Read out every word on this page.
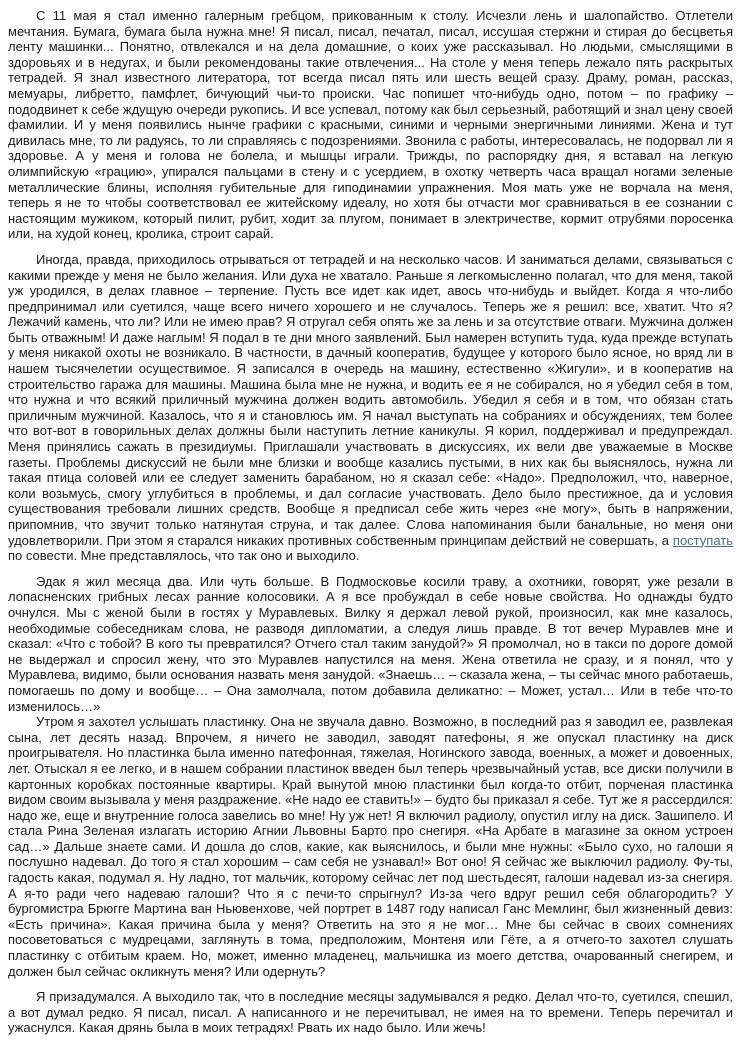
С 11 мая я стал именно галерным гребцом, прикованным к столу. Исчезли лень и шалопайство. Отлетели мечтания. Бумага, бумага была нужна мне! Я писал, писал, печатал, писал, иссушая стержни и стирая до бесцветья ленту машинки... Понятно, отвлекался и на дела домашние, о коих уже рассказывал. Но людьми, смыслящими в здоровьях и в недугах, и были рекомендованы такие отвлечения... На столе у меня теперь лежало пять раскрытых тетрадей. Я знал известного литератора, тот всегда писал пять или шесть вещей сразу. Драму, роман, рассказ, мемуары, либретто, памфлет, бичующий чьи-то происки. Час попишет что-нибудь одно, потом – по графику – пододвинет к себе ждущую очереди рукопись. И все успевал, потому как был серьезный, работящий и знал цену своей фамилии. И у меня появились нынче графики с красными, синими и черными энергичными линиями. Жена и тут дивилась мне, то ли радуясь, то ли справляясь с подозрениями. Звонила с работы, интересовалась, не подорвал ли я здоровье. А у меня и голова не болела, и мышцы играли. Трижды, по распорядку дня, я вставал на легкую олимпийскую «грацию», упирался пальцами в стену и с усердием, в охотку четверть часа вращал ногами зеленые металлические блины, исполняя губительные для гиподинамии упражнения. Моя мать уже не ворчала на меня, теперь я не то чтобы соответствовал ее житейскому идеалу, но хотя бы отчасти мог сравниваться в ее сознании с настоящим мужиком, который пилит, рубит, ходит за плугом, понимает в электричестве, кормит отрубями поросенка или, на худой конец, кролика, строит сарай.

Иногда, правда, приходилось отрываться от тетрадей и на несколько часов. И заниматься делами, связываться с какими прежде у меня не было желания. Или духа не хватало. Раньше я легкомысленно полагал, что для меня, такой уж уродился, в делах главное – терпение. Пусть все идет как идет, авось что-нибудь и выйдет. Когда я что-либо предпринимал или суетился, чаще всего ничего хорошего и не случалось. Теперь же я решил: все, хватит. Что я? Лежачий камень, что ли? Или не имею прав? Я отругал себя опять же за лень и за отсутствие отваги. Мужчина должен быть отважным! И даже наглым! Я подал в те дни много заявлений. Был намерен вступить туда, куда прежде вступать у меня никакой охоты не возникало. В частности, в дачный кооператив, будущее у которого было ясное, но вряд ли в нашем тысячелетии осуществимое. Я записался в очередь на машину, естественно «Жигули», и в кооператив на строительство гаража для машины. Машина была мне не нужна, и водить ее я не собирался, но я убедил себя в том, что нужна и что всякий приличный мужчина должен водить автомобиль. Убедил я себя и в том, что обязан стать приличным мужчиной. Казалось, что я и становлюсь им. Я начал выступать на собраниях и обсуждениях, тем более что вот-вот в говорильных делах должны были наступить летние каникулы. Я корил, поддерживал и предупреждал. Меня принялись сажать в президиумы. Приглашали участвовать в дискуссиях, их вели две уважаемые в Москве газеты. Проблемы дискуссий не были мне близки и вообще казались пустыми, в них как бы выяснялось, нужна ли такая птица соловей или ее следует заменить барабаном, но я сказал себе: «Надо». Предположил, что, наверное, коли возьмусь, смогу углубиться в проблемы, и дал согласие участвовать. Дело было престижное, да и условия существования требовали лишних средств. Вообще я предписал себе жить через «не могу», быть в напряжении, припомнив, что звучит только натянутая струна, и так далее. Слова напоминания были банальные, но меня они удовлетворили. При этом я старался никаких противных собственным принципам действий не совершать, а поступать по совести. Мне представлялось, что так оно и выходило.

Эдак я жил месяца два. Или чуть больше. В Подмосковье косили траву, а охотники, говорят, уже резали в лопасненских грибных лесах ранние колосовики. А я все пробуждал в себе новые свойства. Но однажды будто очнулся. Мы с женой были в гостях у Муравлевых. Вилку я держал левой рукой, произносил, как мне казалось, необходимые собеседникам слова, не разводя дипломатии, а следуя лишь правде. В тот вечер Муравлев мне и сказал: «Что с тобой? В кого ты превратился? Отчего стал таким занудой?» Я промолчал, но в такси по дороге домой не выдержал и спросил жену, что это Муравлев напустился на меня. Жена ответила не сразу, и я понял, что у Муравлева, видимо, были основания назвать меня занудой. «Знаешь… – сказала жена, – ты сейчас много работаешь, помогаешь по дому и вообще… – Она замолчала, потом добавила деликатно: – Может, устал… Или в тебе что-то изменилось…»

Утром я захотел услышать пластинку. Она не звучала давно. Возможно, в последний раз я заводил ее, развлекая сына, лет десять назад. Впрочем, я ничего не заводил, заводят патефоны, я же опускал пластинку на диск проигрывателя. Но пластинка была именно патефонная, тяжелая, Ногинского завода, военных, а может и довоенных, лет. Отыскал я ее легко, и в нашем собрании пластинок введен был теперь чрезвычайный устав, все диски получили в картонных коробках постоянные квартиры. Край вынутой мною пластинки был когда-то отбит, порченая пластинка видом своим вызывала у меня раздражение. «Не надо ее ставить!» – будто бы приказал я себе. Тут же я рассердился: надо же, еще и внутренние голоса завелись во мне! Ну уж нет! Я включил радиолу, опустил иглу на диск. Зашипело. И стала Рина Зеленая излагать историю Агнии Львовны Барто про снегиря. «На Арбате в магазине за окном устроен сад…» Дальше знаете сами. И дошла до слов, какие, как выяснилось, и были мне нужны: «Было сухо, но галоши я послушно надевал. До того я стал хорошим – сам себя не узнавал!» Вот оно! Я сейчас же выключил радиолу. Фу-ты, гадость какая, подумал я. Ну ладно, тот мальчик, которому сейчас лет под шестьдесят, галоши надевал из-за снегиря. А я-то ради чего надеваю галоши? Что я с печи-то спрыгнул? Из-за чего вдруг решил себя облагородить? У бургомистра Брюгге Мартина ван Ньювенхове, чей портрет в 1487 году написал Ганс Мемлинг, был жизненный девиз: «Есть причина». Какая причина была у меня? Ответить на это я не мог… Мне бы сейчас в своих сомнениях посоветоваться с мудрецами, заглянуть в тома, предположим, Монтеня или Гёте, а я отчего-то захотел слушать пластинку с отбитым краем. Но, может, именно младенец, мальчишка из моего детства, очарованный снегирем, и должен был сейчас окликнуть меня? Или одернуть?

Я призадумался. А выходило так, что в последние месяцы задумывался я редко. Делал что-то, суетился, спешил, а вот думал редко. Я писал, писал. А написанного и не перечитывал, не имея на то времени. Теперь перечитал и ужаснулся. Какая дрянь была в моих тетрадях! Рвать их надо было. Или жечь!
